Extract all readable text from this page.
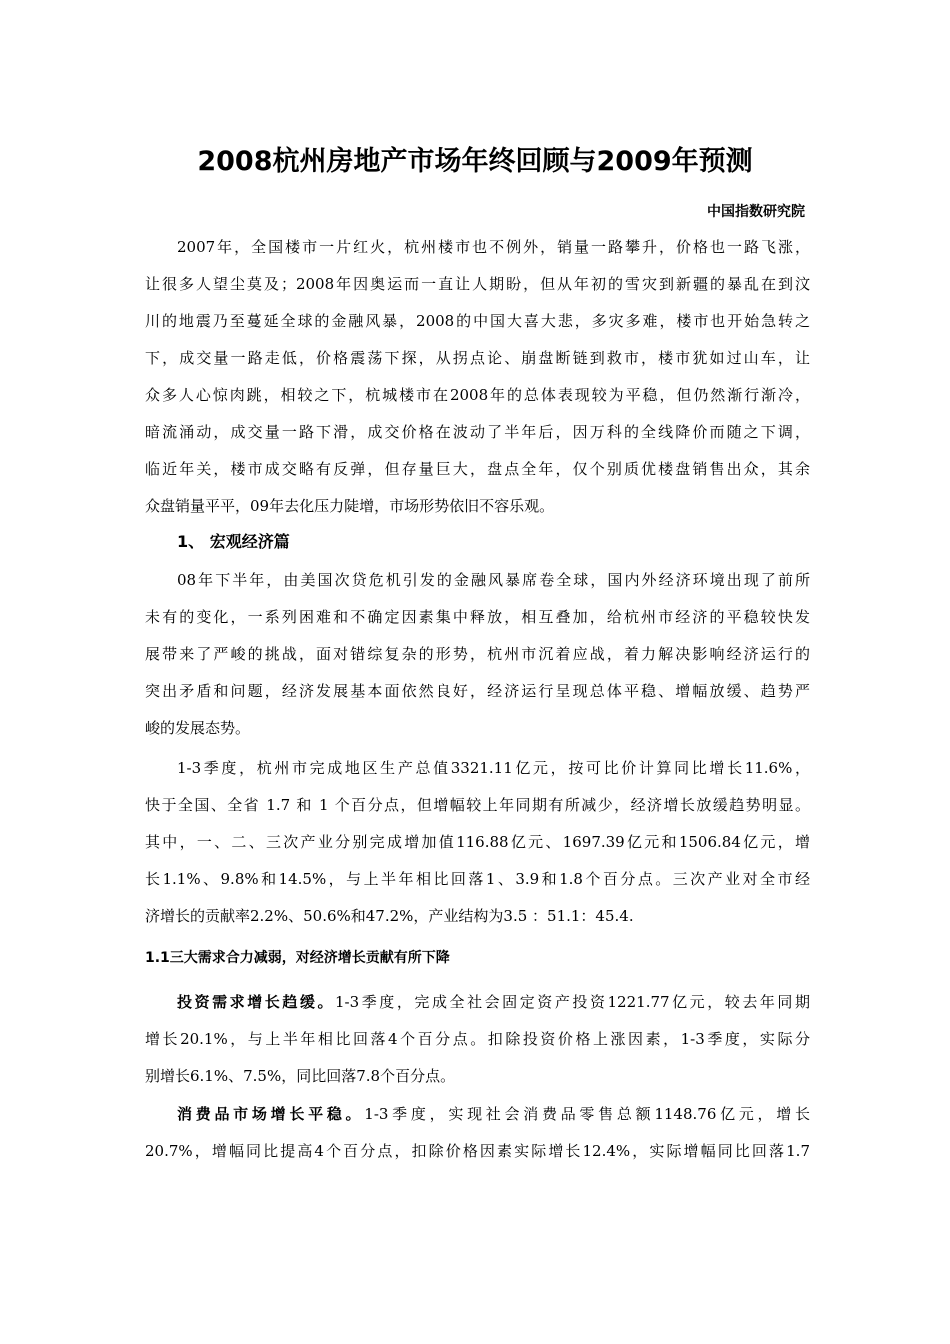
2008杭州房地产市场年终回顾与2009年预测
中国指数研究院
2007年，全国楼市一片红火，杭州楼市也不例外，销量一路攀升，价格也一路飞涨，
让很多人望尘莫及；2008年因奥运而一直让人期盼，但从年初的雪灾到新疆的暴乱在到汶
川的地震乃至蔓延全球的金融风暴，2008的中国大喜大悲，多灾多难，楼市也开始急转之
下，成交量一路走低，价格震荡下探，从拐点论、崩盘断链到救市，楼市犹如过山车，让
众多人心惊肉跳，相较之下，杭城楼市在2008年的总体表现较为平稳，但仍然渐行渐冷，
暗流涌动，成交量一路下滑，成交价格在波动了半年后，因万科的全线降价而随之下调，
临近年关，楼市成交略有反弹，但存量巨大，盘点全年，仅个别质优楼盘销售出众，其余
众盘销量平平，09年去化压力陡增，市场形势依旧不容乐观。
1、 宏观经济篇
08年下半年，由美国次贷危机引发的金融风暴席卷全球，国内外经济环境出现了前所
未有的变化，一系列困难和不确定因素集中释放，相互叠加，给杭州市经济的平稳较快发
展带来了严峻的挑战，面对错综复杂的形势，杭州市沉着应战，着力解决影响经济运行的
突出矛盾和问题，经济发展基本面依然良好，经济运行呈现总体平稳、增幅放缓、趋势严
峻的发展态势。
1-3季度，杭州市完成地区生产总值3321.11亿元，按可比价计算同比增长11.6%，
快于全国、全省 1.7 和 1 个百分点，但增幅较上年同期有所减少，经济增长放缓趋势明显。
其中，一、二、三次产业分别完成增加值116.88亿元、1697.39亿元和1506.84亿元，增
长1.1%、9.8%和14.5%，与上半年相比回落1、3.9和1.8个百分点。三次产业对全市经
济增长的贡献率2.2%、50.6%和47.2%，产业结构为3.5 ：51.1：45.4.
1.1三大需求合力减弱，对经济增长贡献有所下降
投资需求增长趋缓。1-3季度，完成全社会固定资产投资1221.77亿元，较去年同期
增长20.1%，与上半年相比回落4个百分点。扣除投资价格上涨因素，1-3季度，实际分
别增长6.1%、7.5%，同比回落7.8个百分点。
消费品市场增长平稳。1-3季度，实现社会消费品零售总额1148.76亿元，增长
20.7%，增幅同比提高4个百分点，扣除价格因素实际增长12.4%，实际增幅同比回落1.7
